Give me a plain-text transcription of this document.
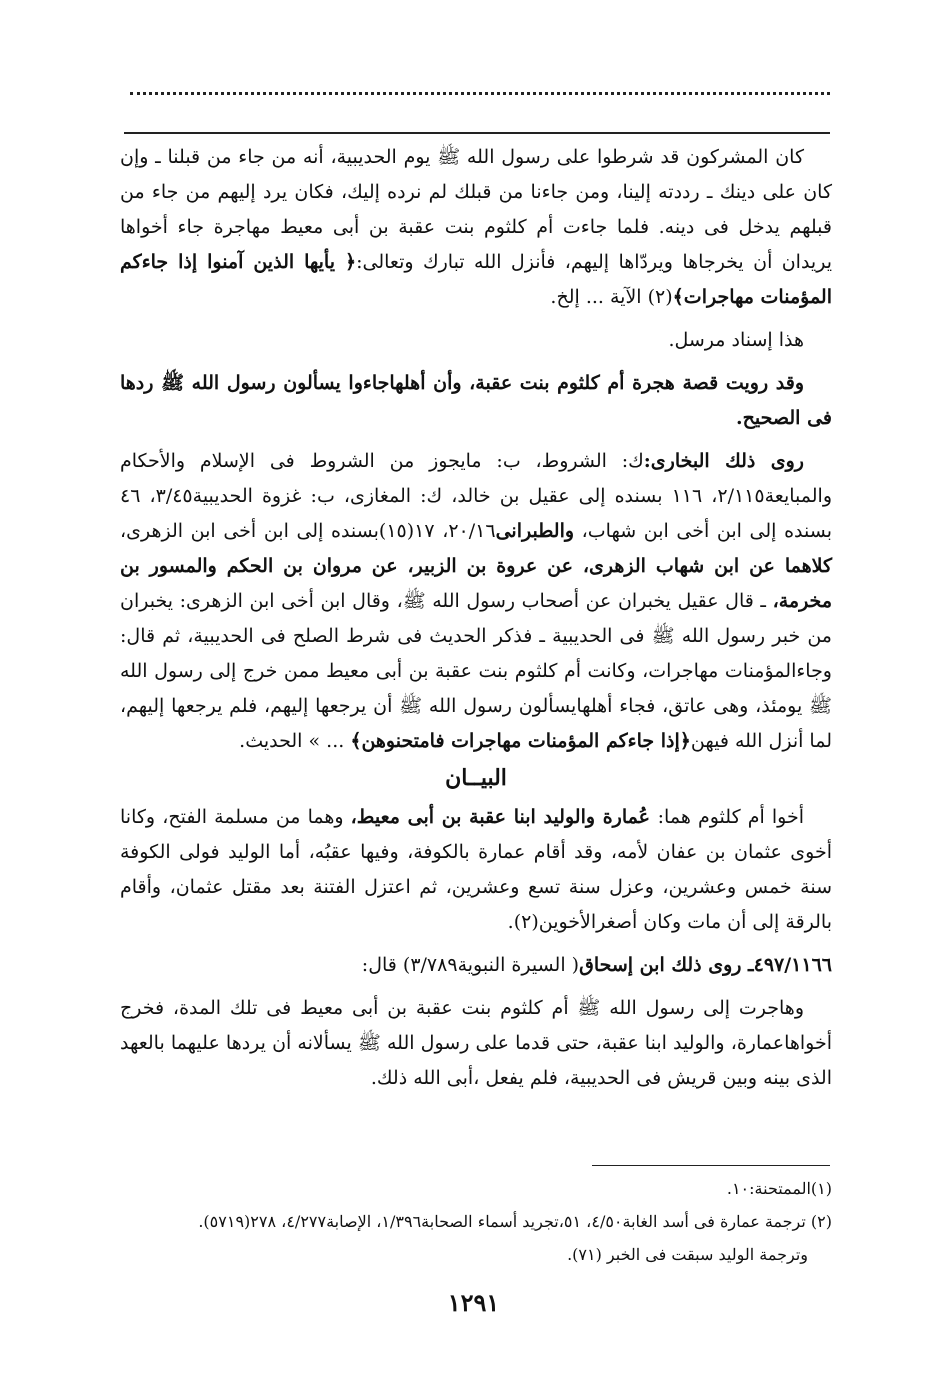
كان المشركون قد شرطوا على رسول الله ﷺ يوم الحديبية، أنه من جاء من قبلنا ـ وإن كان على دينك ـ رددته إلينا، ومن جاءنا من قبلك لم نرده إليك، فكان يرد إليهم من جاء من قبلهم يدخل فى دينه. فلما جاءت أم كلثوم بنت عقبة بن أبى معيط مهاجرة جاء أخواها يريدان أن يخرجاها ويردّاها إليهم، فأنزل الله تبارك وتعالى:﴿ يأيها الذين آمنوا إذا جاءكم المؤمنات مهاجرات﴾(٢) الآية ... إلخ.

هذا إسناد مرسل.

وقد رويت قصة هجرة أم كلثوم بنت عقبة، وأن أهلهاجاءوا يسألون رسول الله ﷺ ردها فى الصحيح.

روى ذلك البخارى:ك: الشروط، ب: مايجوز من الشروط فى الإسلام والأحكام والمبايعة٢/١١٥، ١١٦ بسنده إلى عقيل بن خالد، ك: المغازى، ب: غزوة الحديبية٣/٤٥، ٤٦ بسنده إلى ابن أخى ابن شهاب، والطبرانى٢٠/١٦، ١٧(١٥)بسنده إلى ابن أخى ابن الزهرى، كلاهما عن ابن شهاب الزهرى، عن عروة بن الزبير، عن مروان بن الحكم والمسور بن مخرمة، ـ قال عقيل يخبران عن أصحاب رسول الله ﷺ، وقال ابن أخى ابن الزهرى: يخبران من خبر رسول الله ﷺ فى الحديبية ـ فذكر الحديث فى شرط الصلح فى الحديبية، ثم قال: وجاءالمؤمنات مهاجرات، وكانت أم كلثوم بنت عقبة بن أبى معيط ممن خرج إلى رسول الله ﷺ يومئذ، وهى عاتق، فجاء أهلهايسألون رسول الله ﷺ أن يرجعها إليهم، فلم يرجعها إليهم، لما أنزل الله فيهن﴿إذا جاءكم المؤمنات مهاجرات فامتحنوهن﴾ ... » الحديث.

البيــان

أخوا أم كلثوم هما: عُمارة والوليد ابنا عقبة بن أبى معيط، وهما من مسلمة الفتح، وكانا أخوى عثمان بن عفان لأمه، وقد أقام عمارة بالكوفة، وفيها عقبُه، أما الوليد فولى الكوفة سنة خمس وعشرين، وعزل سنة تسع وعشرين، ثم اعتزل الفتنة بعد مقتل عثمان، وأقام بالرقة إلى أن مات وكان أصغرالأخوين(٢).

٤٩٧/١١٦٦ـ روى ذلك ابن إسحاق( السيرة النبوية٣/٧٨٩) قال:

وهاجرت إلى رسول الله ﷺ أم كلثوم بنت عقبة بن أبى معيط فى تلك المدة، فخرج أخواهاعمارة، والوليد ابنا عقبة، حتى قدما على رسول الله ﷺ يسألانه أن يردها عليهما بالعهد الذى بينه وبين قريش فى الحديبية، فلم يفعل ،أبى الله ذلك.

(١)الممتحنة:١٠.
(٢) ترجمة عمارة فى أسد الغابة٤/٥٠، ٥١،تجريد أسماء الصحابة١/٣٩٦، الإصابة٤/٢٧٧، ٢٧٨(٥٧١٩).
وترجمة الوليد سبقت فى الخبر (٧١).
١٢٩١
